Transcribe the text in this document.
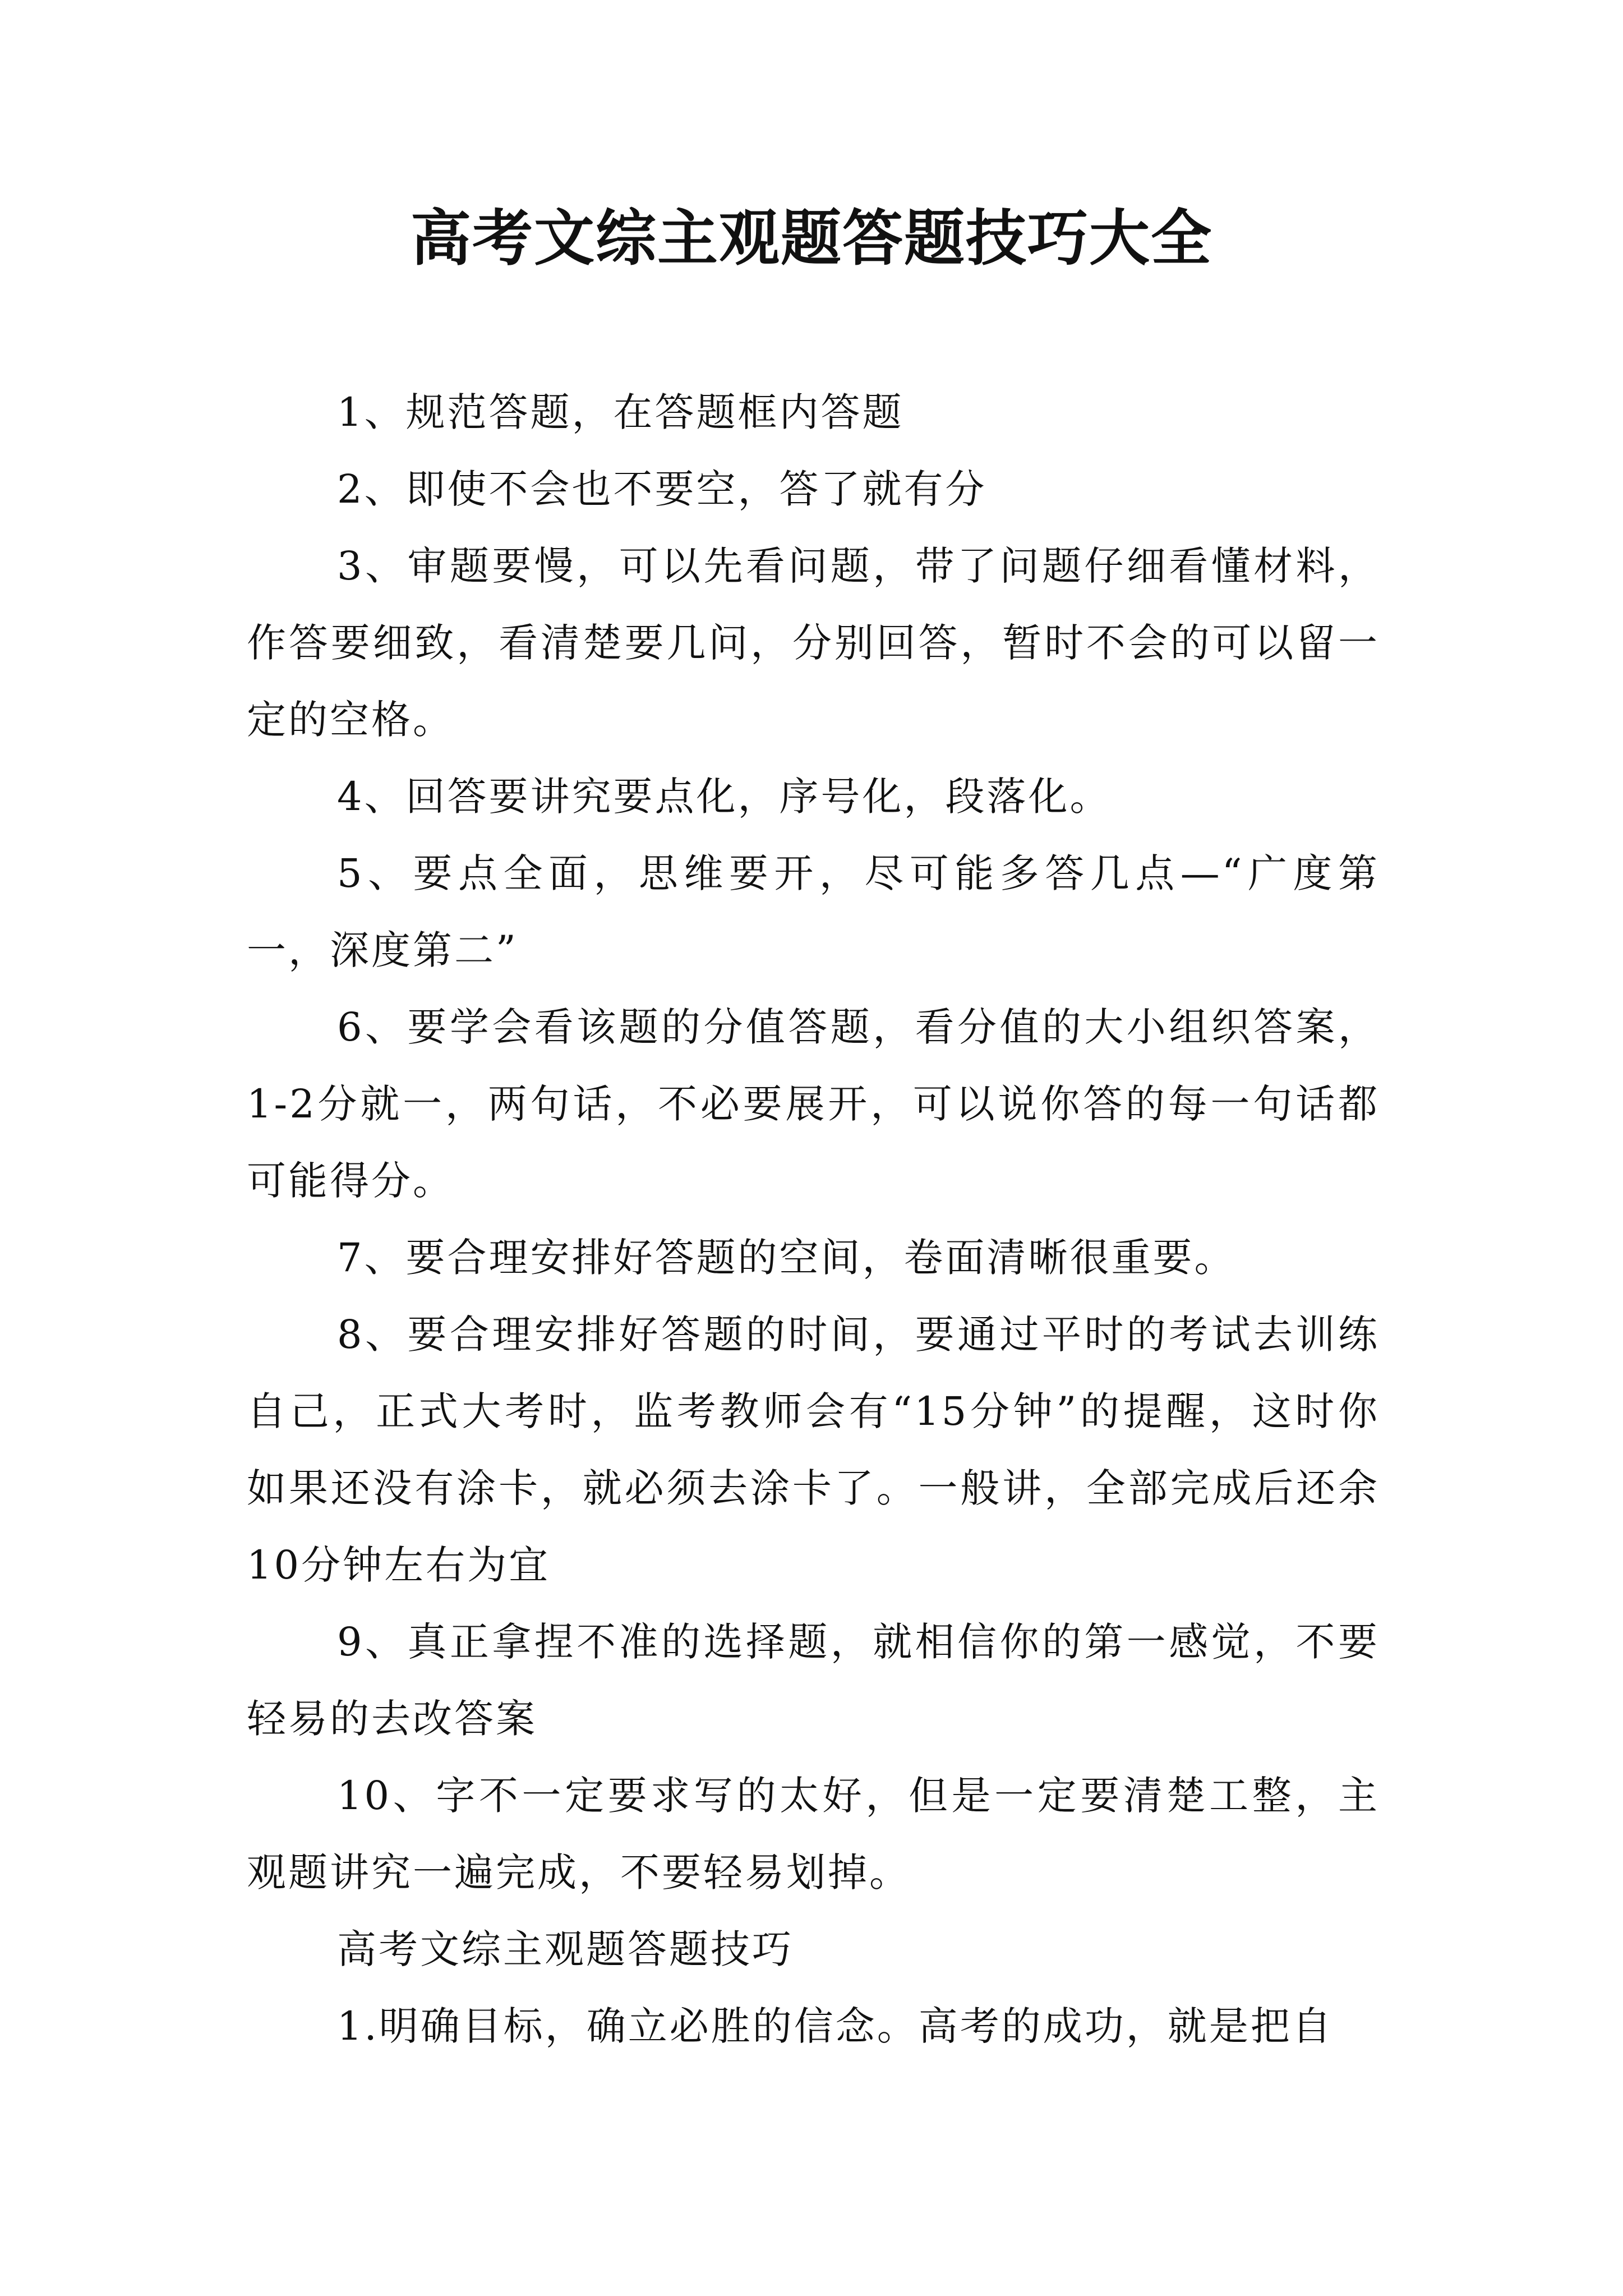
高考文综主观题答题技巧大全

1、规范答题，在答题框内答题

2、即使不会也不要空，答了就有分

3、审题要慢，可以先看问题，带了问题仔细看懂材料，作答要细致，看清楚要几问，分别回答，暂时不会的可以留一定的空格。

4、回答要讲究要点化，序号化，段落化。

5、要点全面，思维要开，尽可能多答几点—“广度第一，深度第二”

6、要学会看该题的分值答题，看分值的大小组织答案，1-2分就一，两句话，不必要展开，可以说你答的每一句话都可能得分。

7、要合理安排好答题的空间，卷面清晰很重要。

8、要合理安排好答题的时间，要通过平时的考试去训练自己，正式大考时，监考教师会有“15分钟”的提醒，这时你如果还没有涂卡，就必须去涂卡了。一般讲，全部完成后还余10分钟左右为宜

9、真正拿捏不准的选择题，就相信你的第一感觉，不要轻易的去改答案

10、字不一定要求写的太好，但是一定要清楚工整，主观题讲究一遍完成，不要轻易划掉。

高考文综主观题答题技巧

1.明确目标，确立必胜的信念。高考的成功，就是把自
